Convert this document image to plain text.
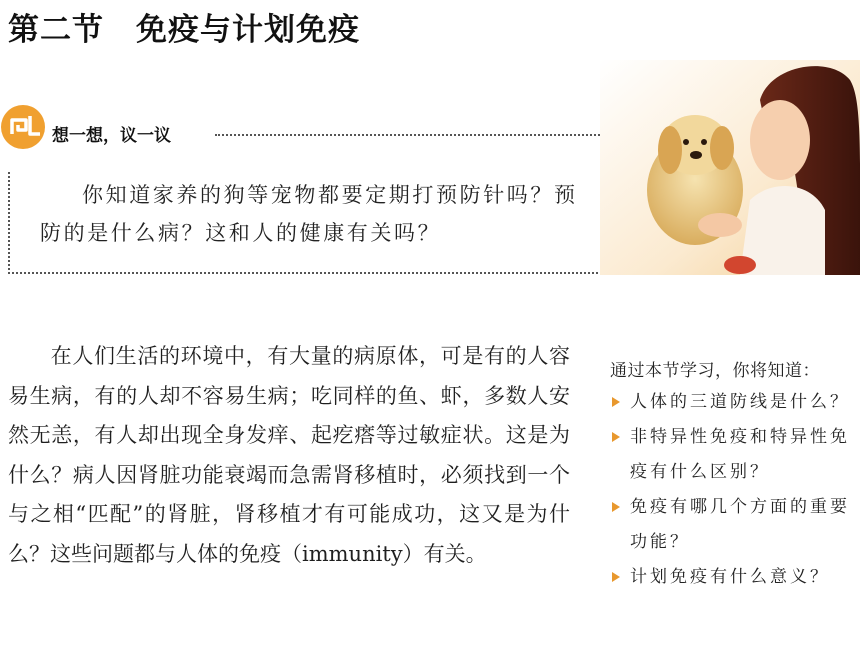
第二节　免疫与计划免疫
想一想，议一议
你知道家养的狗等宠物都要定期打预防针吗？预防的是什么病？这和人的健康有关吗？

在人们生活的环境中，有大量的病原体，可是有的人容易生病，有的人却不容易生病；吃同样的鱼、虾，多数人安然无恙，有人却出现全身发痒、起疙瘩等过敏症状。这是为什么？病人因肾脏功能衰竭而急需肾移植时，必须找到一个与之相“匹配”的肾脏，肾移植才有可能成功，这又是为什么？这些问题都与人体的免疫（immunity）有关。

通过本节学习，你将知道：
人体的三道防线是什么？
非特异性免疫和特异性免疫有什么区别？
免疫有哪几个方面的重要功能？
计划免疫有什么意义？
